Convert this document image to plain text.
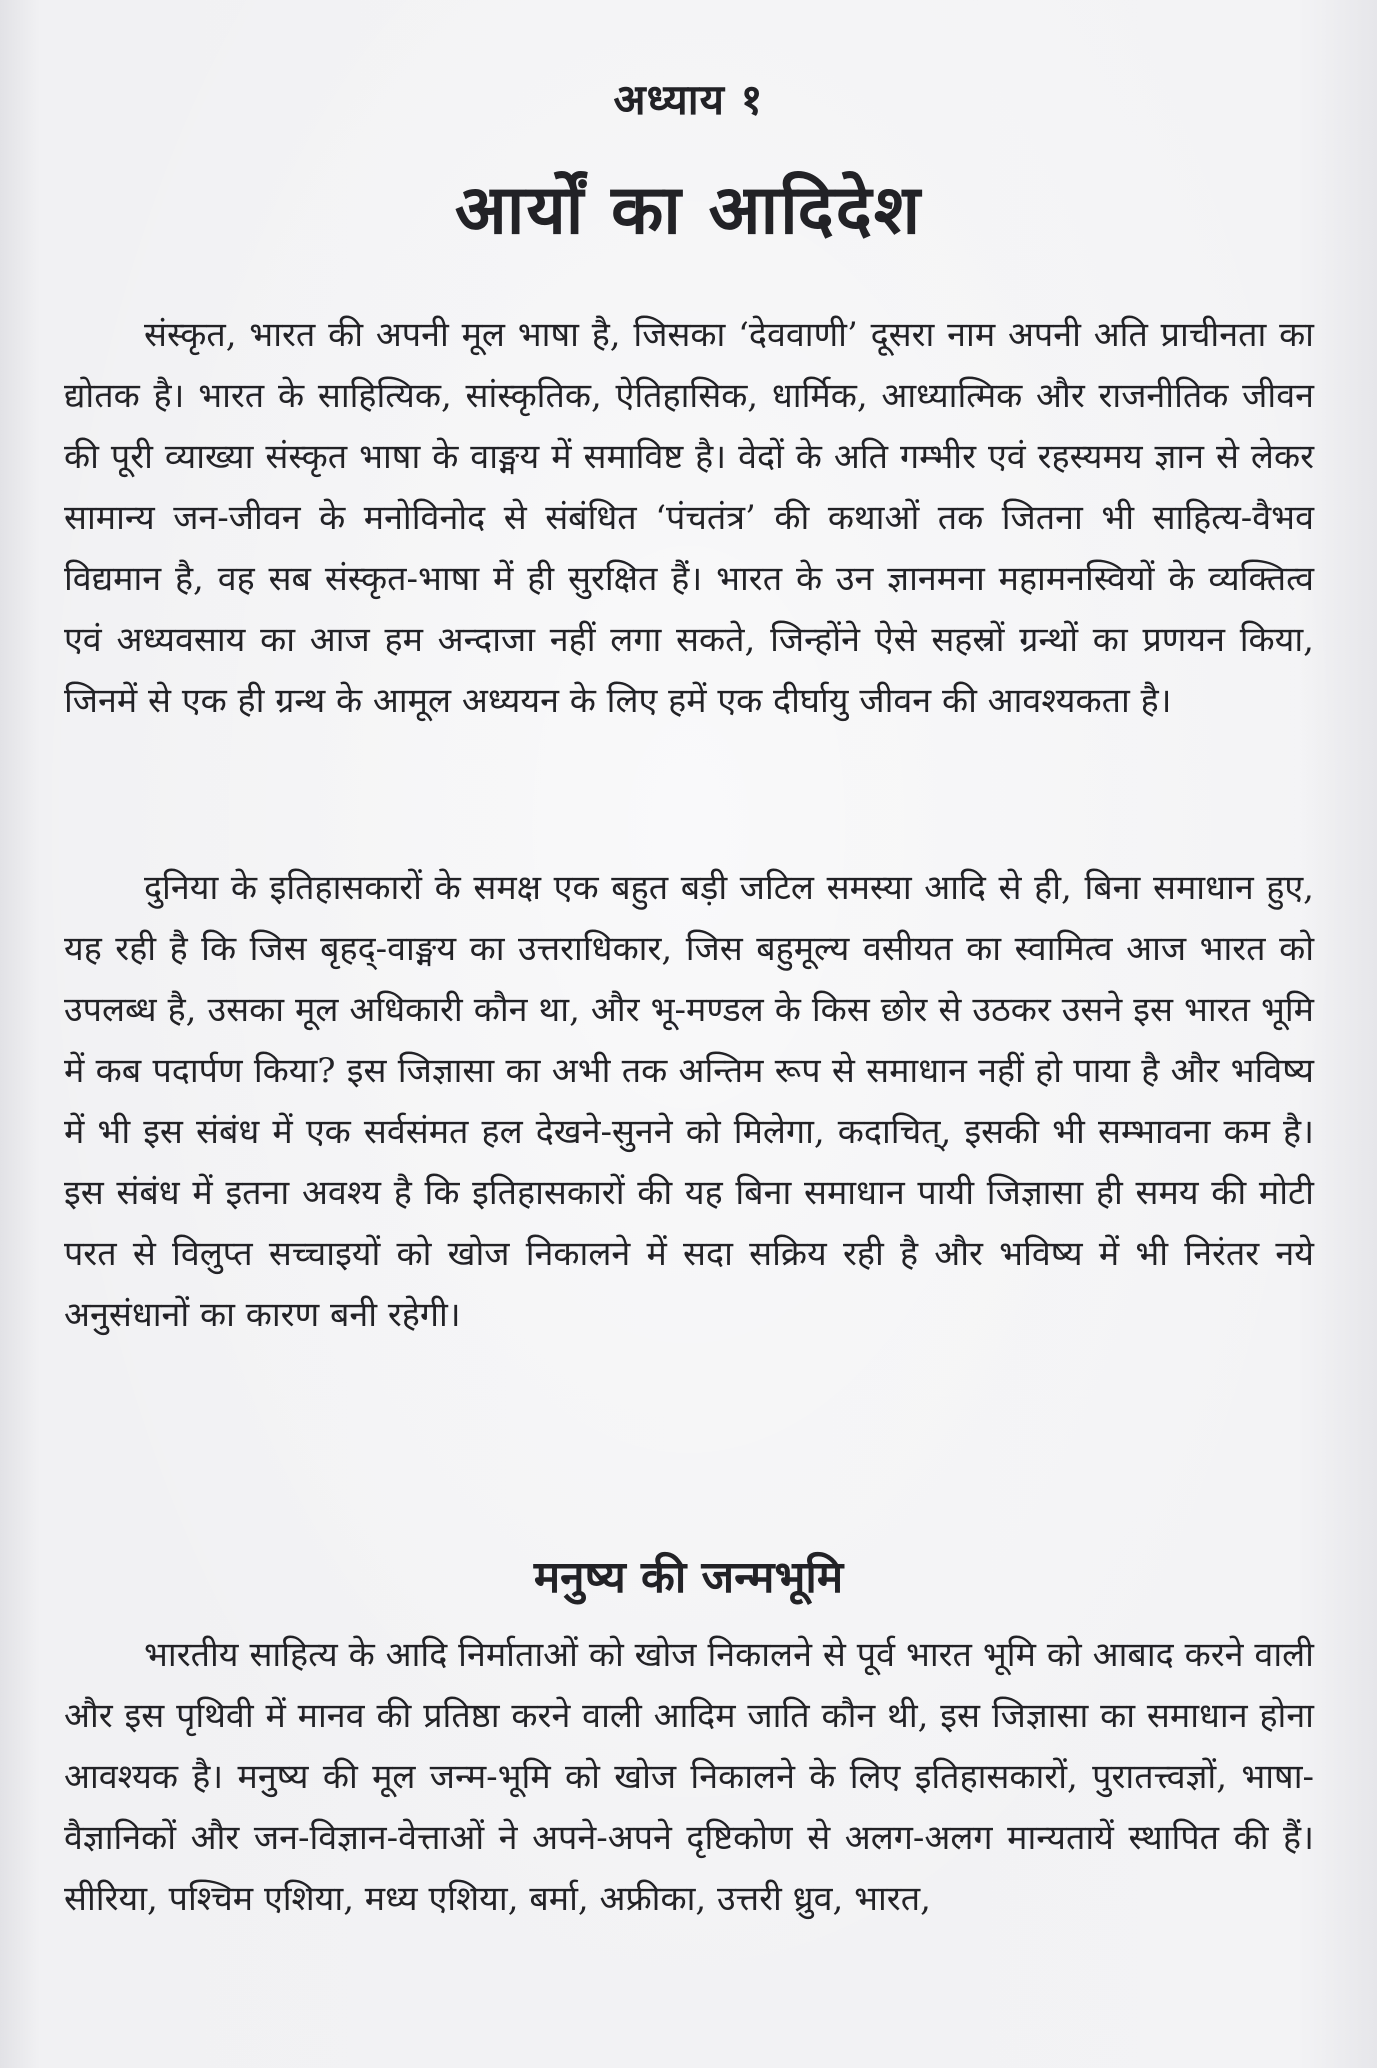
अध्याय १
आर्यों का आदिदेश

संस्कृत, भारत की अपनी मूल भाषा है, जिसका ‘देववाणी’ दूसरा नाम अपनी अति प्राचीनता का द्योतक है। भारत के साहित्यिक, सांस्कृतिक, ऐतिहासिक, धार्मिक, आध्यात्मिक और राजनीतिक जीवन की पूरी व्याख्या संस्कृत भाषा के वाङ्मय में समाविष्ट है। वेदों के अति गम्भीर एवं रहस्यमय ज्ञान से लेकर सामान्य जन-जीवन के मनोविनोद से संबंधित ‘पंचतंत्र’ की कथाओं तक जितना भी साहित्य-वैभव विद्यमान है, वह सब संस्कृत-भाषा में ही सुरक्षित हैं। भारत के उन ज्ञानमना महामनस्वियों के व्यक्तित्व एवं अध्यवसाय का आज हम अन्दाजा नहीं लगा सकते, जिन्होंने ऐसे सहस्रों ग्रन्थों का प्रणयन किया, जिनमें से एक ही ग्रन्थ के आमूल अध्ययन के लिए हमें एक दीर्घायु जीवन की आवश्यकता है।

दुनिया के इतिहासकारों के समक्ष एक बहुत बड़ी जटिल समस्या आदि से ही, बिना समाधान हुए, यह रही है कि जिस बृहद्-वाङ्मय का उत्तराधिकार, जिस बहुमूल्य वसीयत का स्वामित्व आज भारत को उपलब्ध है, उसका मूल अधिकारी कौन था, और भू-मण्डल के किस छोर से उठकर उसने इस भारत भूमि में कब पदार्पण किया? इस जिज्ञासा का अभी तक अन्तिम रूप से समाधान नहीं हो पाया है और भविष्य में भी इस संबंध में एक सर्वसंमत हल देखने-सुनने को मिलेगा, कदाचित्, इसकी भी सम्भावना कम है। इस संबंध में इतना अवश्य है कि इतिहासकारों की यह बिना समाधान पायी जिज्ञासा ही समय की मोटी परत से विलुप्त सच्चाइयों को खोज निकालने में सदा सक्रिय रही है और भविष्य में भी निरंतर नये अनुसंधानों का कारण बनी रहेगी।

मनुष्य की जन्मभूमि

भारतीय साहित्य के आदि निर्माताओं को खोज निकालने से पूर्व भारत भूमि को आबाद करने वाली और इस पृथिवी में मानव की प्रतिष्ठा करने वाली आदिम जाति कौन थी, इस जिज्ञासा का समाधान होना आवश्यक है। मनुष्य की मूल जन्म-भूमि को खोज निकालने के लिए इतिहासकारों, पुरातत्त्वज्ञों, भाषा-वैज्ञानिकों और जन-विज्ञान-वेत्ताओं ने अपने-अपने दृष्टिकोण से अलग-अलग मान्यतायें स्थापित की हैं। सीरिया, पश्चिम एशिया, मध्य एशिया, बर्मा, अफ्रीका, उत्तरी ध्रुव, भारत,
